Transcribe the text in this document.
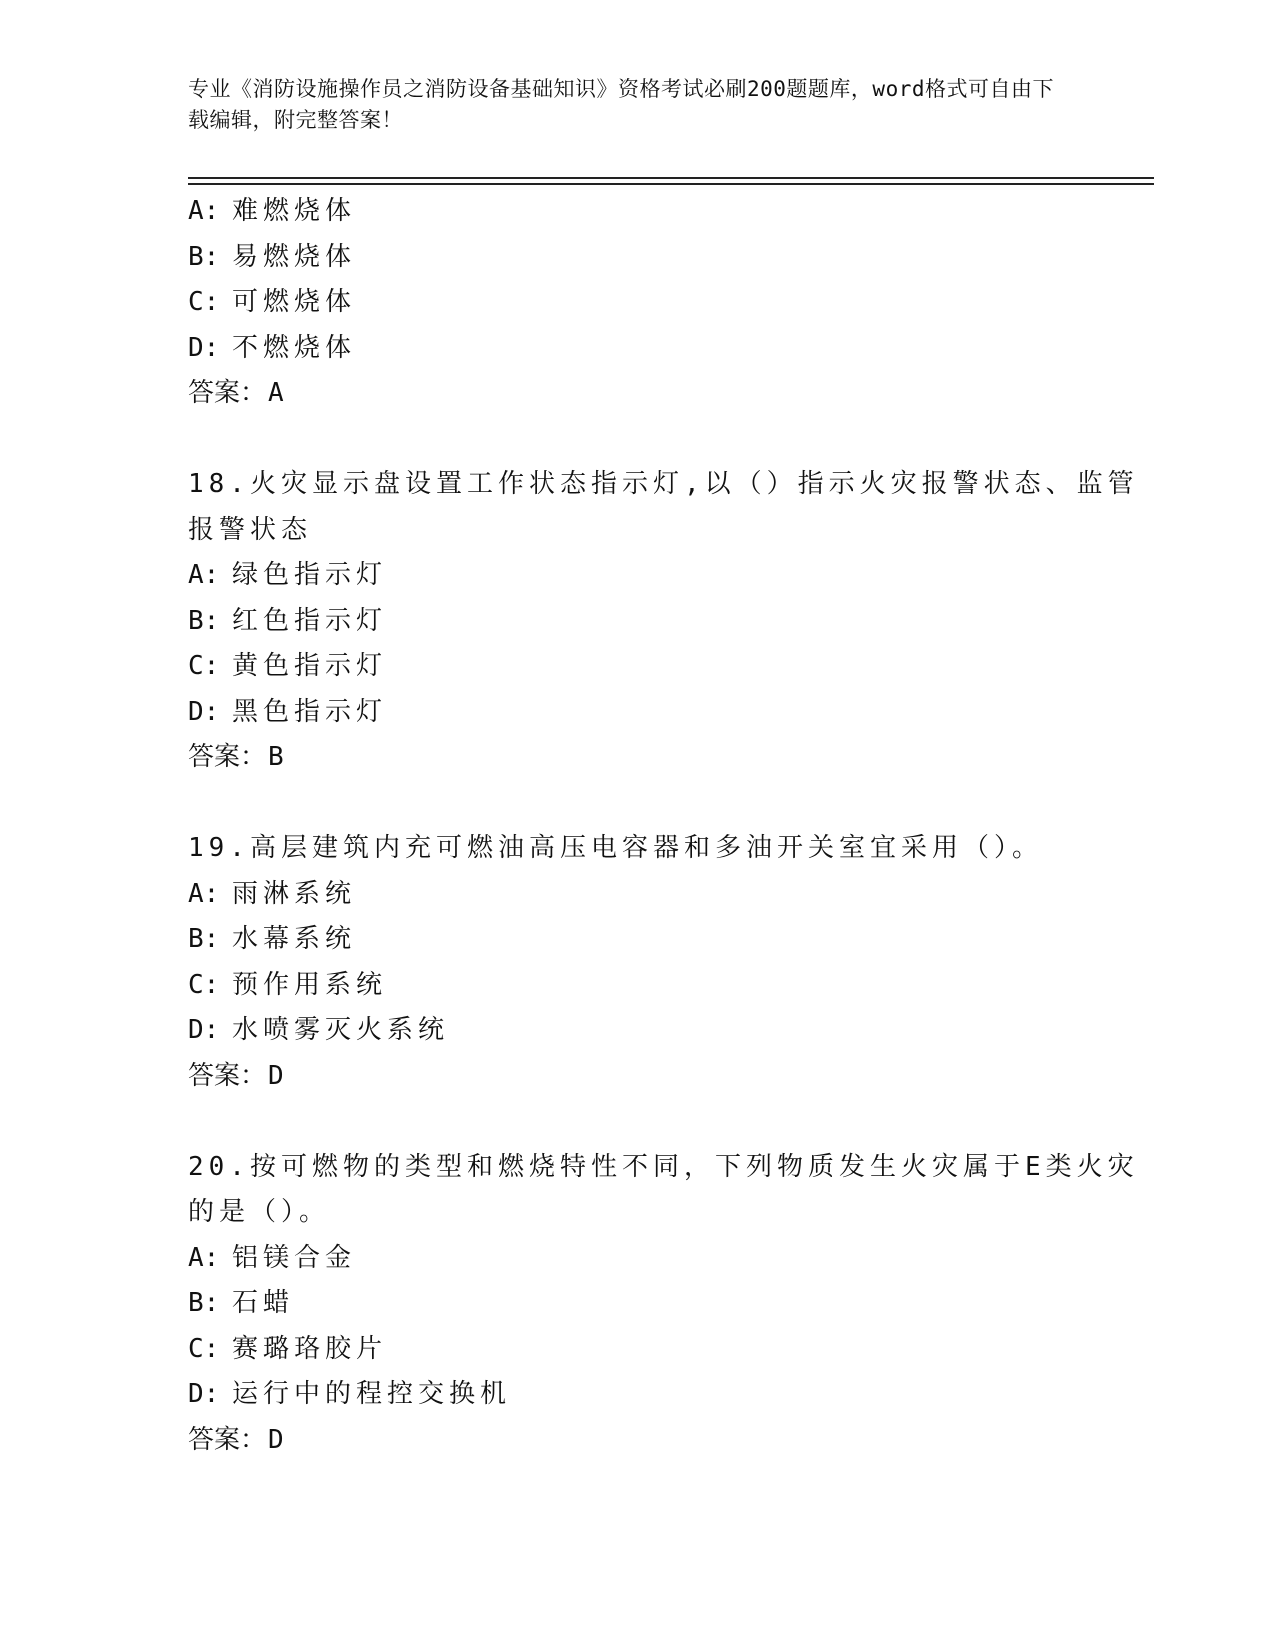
专业《消防设施操作员之消防设备基础知识》资格考试必刷200题题库，word格式可自由下载编辑，附完整答案！
A: 难燃烧体
B: 易燃烧体
C: 可燃烧体
D: 不燃烧体
答案：A
18.火灾显示盘设置工作状态指示灯,以（）指示火灾报警状态、监管
报警状态
A: 绿色指示灯
B: 红色指示灯
C: 黄色指示灯
D: 黑色指示灯
答案：B
19.高层建筑内充可燃油高压电容器和多油开关室宜采用（）。
A: 雨淋系统
B: 水幕系统
C: 预作用系统
D: 水喷雾灭火系统
答案：D
20.按可燃物的类型和燃烧特性不同，下列物质发生火灾属于E类火灾
的是（）。
A: 铝镁合金
B: 石蜡
C: 赛璐珞胶片
D: 运行中的程控交换机
答案：D
